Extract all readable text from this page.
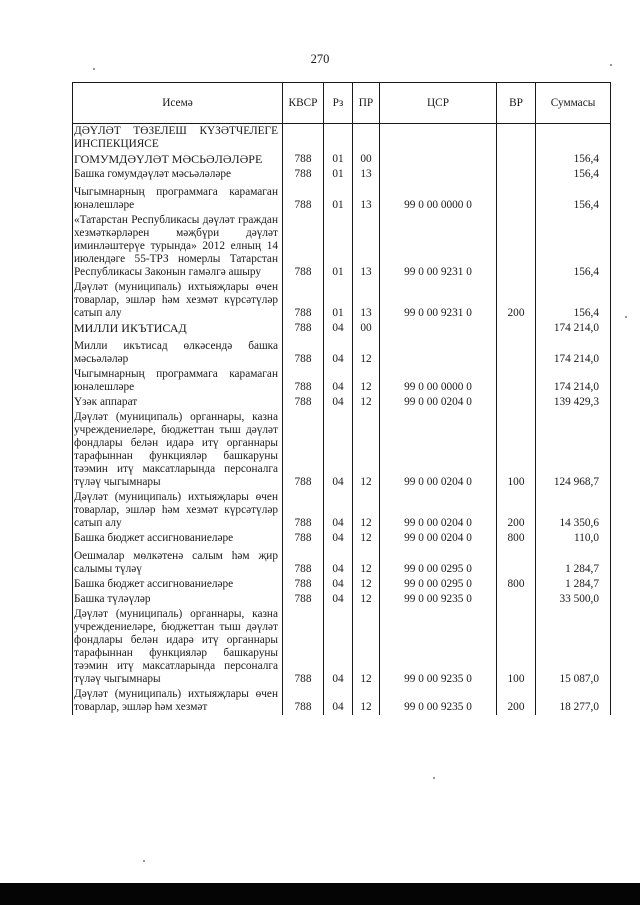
270
Исемә	КВСР	Рз	ПР	ЦСР	ВР	Суммасы
ДӘҮЛӘТ ТӨЗЕЛЕШ КҮЗӘТЧЕЛЕГЕ ИНСПЕКЦИЯСЕ						
ГОМУМДӘҮЛӘТ МӘСЬӘЛӘЛӘРЕ	788	01	00			156,4
Башка гомумдәүләт мәсьәләләре	788	01	13			156,4
Чыгымнарның программага карамаган юнәлешләре	788	01	13	99 0 00 0000 0		156,4
«Татарстан Республикасы дәүләт граждан хезмәткәрләрен мәҗбүри дәүләт иминләштерүе турында» 2012 елның 14 июлендәге 55-ТРЗ номерлы Татарстан Республикасы Законын гамәлгә ашыру	788	01	13	99 0 00 9231 0		156,4
Дәүләт (муниципаль) ихтыяҗлары өчен товарлар, эшләр һәм хезмәт күрсәтүләр сатып алу	788	01	13	99 0 00 9231 0	200	156,4
МИЛЛИ ИКЪТИСАД	788	04	00			174 214,0
Милли икътисад өлкәсендә башка мәсьәләләр	788	04	12			174 214,0
Чыгымнарның программага карамаган юнәлешләре	788	04	12	99 0 00 0000 0		174 214,0
Үзәк аппарат	788	04	12	99 0 00 0204 0		139 429,3
Дәүләт (муниципаль) органнары, казна учреждениеләре, бюджеттан тыш дәүләт фондлары белән идарә итү органнары тарафыннан функцияләр башкаруны тәэмин итү максатларында персоналга түләү чыгымнары	788	04	12	99 0 00 0204 0	100	124 968,7
Дәүләт (муниципаль) ихтыяҗлары өчен товарлар, эшләр һәм хезмәт күрсәтүләр сатып алу	788	04	12	99 0 00 0204 0	200	14 350,6
Башка бюджет ассигнованиеләре	788	04	12	99 0 00 0204 0	800	110,0
Оешмалар мөлкәтенә салым һәм җир салымы түләү	788	04	12	99 0 00 0295 0		1 284,7
Башка бюджет ассигнованиеләре	788	04	12	99 0 00 0295 0	800	1 284,7
Башка түләүләр	788	04	12	99 0 00 9235 0		33 500,0
Дәүләт (муниципаль) органнары, казна учреждениеләре, бюджеттан тыш дәүләт фондлары белән идарә итү органнары тарафыннан функцияләр башкаруны тәэмин итү максатларында персоналга түләү чыгымнары	788	04	12	99 0 00 9235 0	100	15 087,0
Дәүләт (муниципаль) ихтыяҗлары өчен товарлар, эшләр һәм хезмәт	788	04	12	99 0 00 9235 0	200	18 277,0
